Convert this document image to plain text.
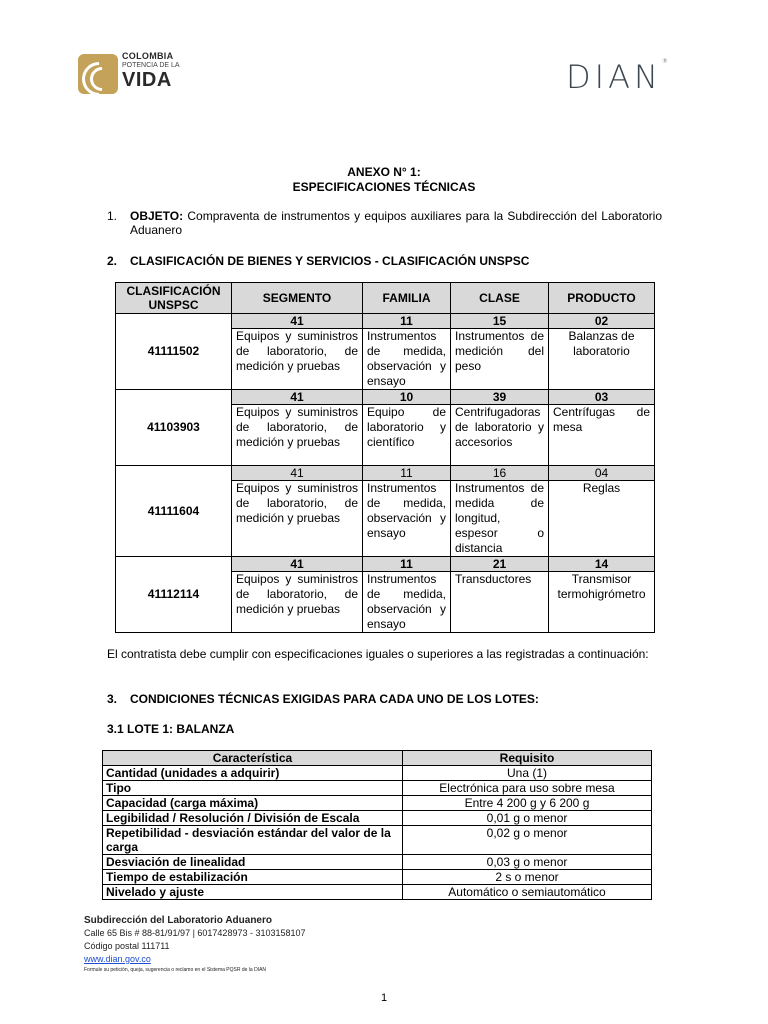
COLOMBIA
POTENCIA DE LA
VIDA	DIAN®
ANEXO N° 1:
ESPECIFICACIONES TÉCNICAS
1. OBJETO: Compraventa de instrumentos y equipos auxiliares para la Subdirección del Laboratorio Aduanero
2. CLASIFICACIÓN DE BIENES Y SERVICIOS - CLASIFICACIÓN UNSPSC
CLASIFICACIÓN UNSPSC	SEGMENTO	FAMILIA	CLASE	PRODUCTO
41111502	41	11	15	02
	Equipos y suministros de laboratorio, de medición y pruebas	Instrumentos de medida, observación y ensayo	Instrumentos de medición del peso	Balanzas de laboratorio
41103903	41	10	39	03
	Equipos y suministros de laboratorio, de medición y pruebas	Equipo de laboratorio y científico	Centrifugadoras de laboratorio y accesorios	Centrífugas de mesa
41111604	41	11	16	04
	Equipos y suministros de laboratorio, de medición y pruebas	Instrumentos de medida, observación y ensayo	Instrumentos de medida de longitud, espesor o distancia	Reglas
41112114	41	11	21	14
	Equipos y suministros de laboratorio, de medición y pruebas	Instrumentos de medida, observación y ensayo	Transductores	Transmisor termohigrómetro
El contratista debe cumplir con especificaciones iguales o superiores a las registradas a continuación:
3. CONDICIONES TÉCNICAS EXIGIDAS PARA CADA UNO DE LOS LOTES:
3.1 LOTE 1: BALANZA
Característica	Requisito
Cantidad (unidades a adquirir)	Una (1)
Tipo	Electrónica para uso sobre mesa
Capacidad (carga máxima)	Entre 4 200 g y 6 200 g
Legibilidad / Resolución / División de Escala	0,01 g o menor
Repetibilidad - desviación estándar del valor de la carga	0,02 g o menor
Desviación de linealidad	0,03 g o menor
Tiempo de estabilización	2 s o menor
Nivelado y ajuste	Automático o semiautomático
Subdirección del Laboratorio Aduanero
Calle 65 Bis # 88-81/91/97 | 6017428973 - 3103158107
Código postal 111711
www.dian.gov.co
Formule su petición, queja, sugerencia o reclamo en el Sistema PQSR de la DIAN
1
